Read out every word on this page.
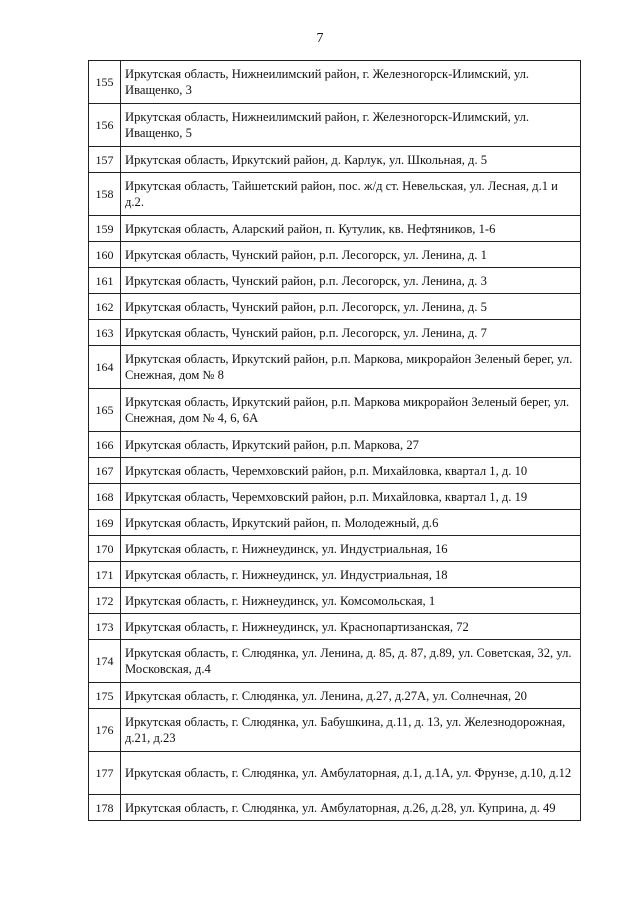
7
155	Иркутская область, Нижнеилимский район, г. Железногорск-Илимский, ул. Иващенко, 3
156	Иркутская область, Нижнеилимский район, г. Железногорск-Илимский, ул. Иващенко, 5
157	Иркутская область, Иркутский район, д. Карлук, ул. Школьная, д. 5
158	Иркутская область, Тайшетский район, пос. ж/д ст. Невельская, ул. Лесная, д.1 и д.2.
159	Иркутская область, Аларский район, п. Кутулик, кв. Нефтяников, 1-6
160	Иркутская область, Чунский район, р.п. Лесогорск, ул. Ленина, д. 1
161	Иркутская область, Чунский район, р.п. Лесогорск, ул. Ленина, д. 3
162	Иркутская область, Чунский район, р.п. Лесогорск, ул. Ленина, д. 5
163	Иркутская область, Чунский район, р.п. Лесогорск, ул. Ленина, д. 7
164	Иркутская область, Иркутский район, р.п. Маркова, микрорайон Зеленый берег, ул. Снежная, дом № 8
165	Иркутская область, Иркутский район, р.п. Маркова микрорайон Зеленый берег, ул. Снежная, дом № 4, 6, 6А
166	Иркутская область, Иркутский район, р.п. Маркова, 27
167	Иркутская область, Черемховский район, р.п. Михайловка, квартал 1, д. 10
168	Иркутская область, Черемховский район, р.п. Михайловка, квартал 1, д. 19
169	Иркутская область, Иркутский район, п. Молодежный, д.6
170	Иркутская область, г. Нижнеудинск, ул. Индустриальная, 16
171	Иркутская область, г. Нижнеудинск, ул. Индустриальная, 18
172	Иркутская область, г. Нижнеудинск, ул. Комсомольская, 1
173	Иркутская область, г. Нижнеудинск, ул. Краснопартизанская, 72
174	Иркутская область, г. Слюдянка, ул. Ленина, д. 85, д. 87, д.89, ул. Советская, 32, ул. Московская, д.4
175	Иркутская область, г. Слюдянка, ул. Ленина, д.27, д.27А, ул. Солнечная, 20
176	Иркутская область, г. Слюдянка, ул. Бабушкина, д.11, д. 13, ул. Железнодорожная, д.21, д.23
177	Иркутская область, г. Слюдянка, ул. Амбулаторная, д.1, д.1А, ул. Фрунзе, д.10, д.12
178	Иркутская область, г. Слюдянка, ул. Амбулаторная, д.26, д.28, ул. Куприна, д. 49
